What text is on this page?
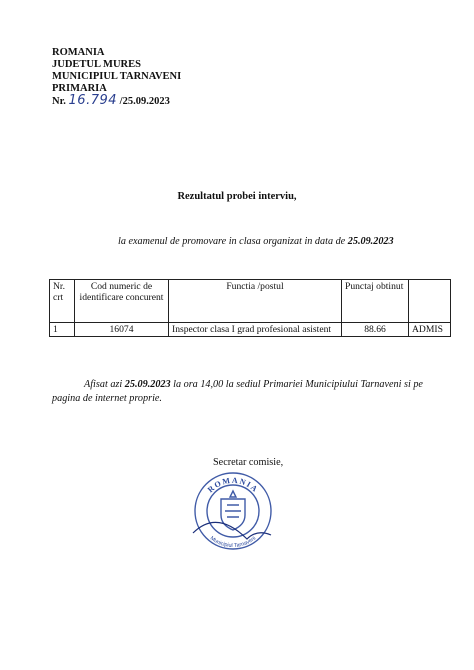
ROMANIA
JUDETUL MURES
MUNICIPIUL TARNAVENI
PRIMARIA
Nr. 16.794 /25.09.2023
Rezultatul probei interviu,
la examenul de promovare in clasa organizat in data de 25.09.2023
Nr. crt	Cod numeric de identificare concurent	Functia /postul	Punctaj obtinut	
1	16074	Inspector clasa I grad profesional asistent	88.66	ADMIS
Afisat azi 25.09.2023 la ora 14,00 la sediul Primariei Municipiului Tarnaveni si pe pagina de internet proprie.
Secretar comisie,
ROMANIA
Municipiul Tarnaveni
